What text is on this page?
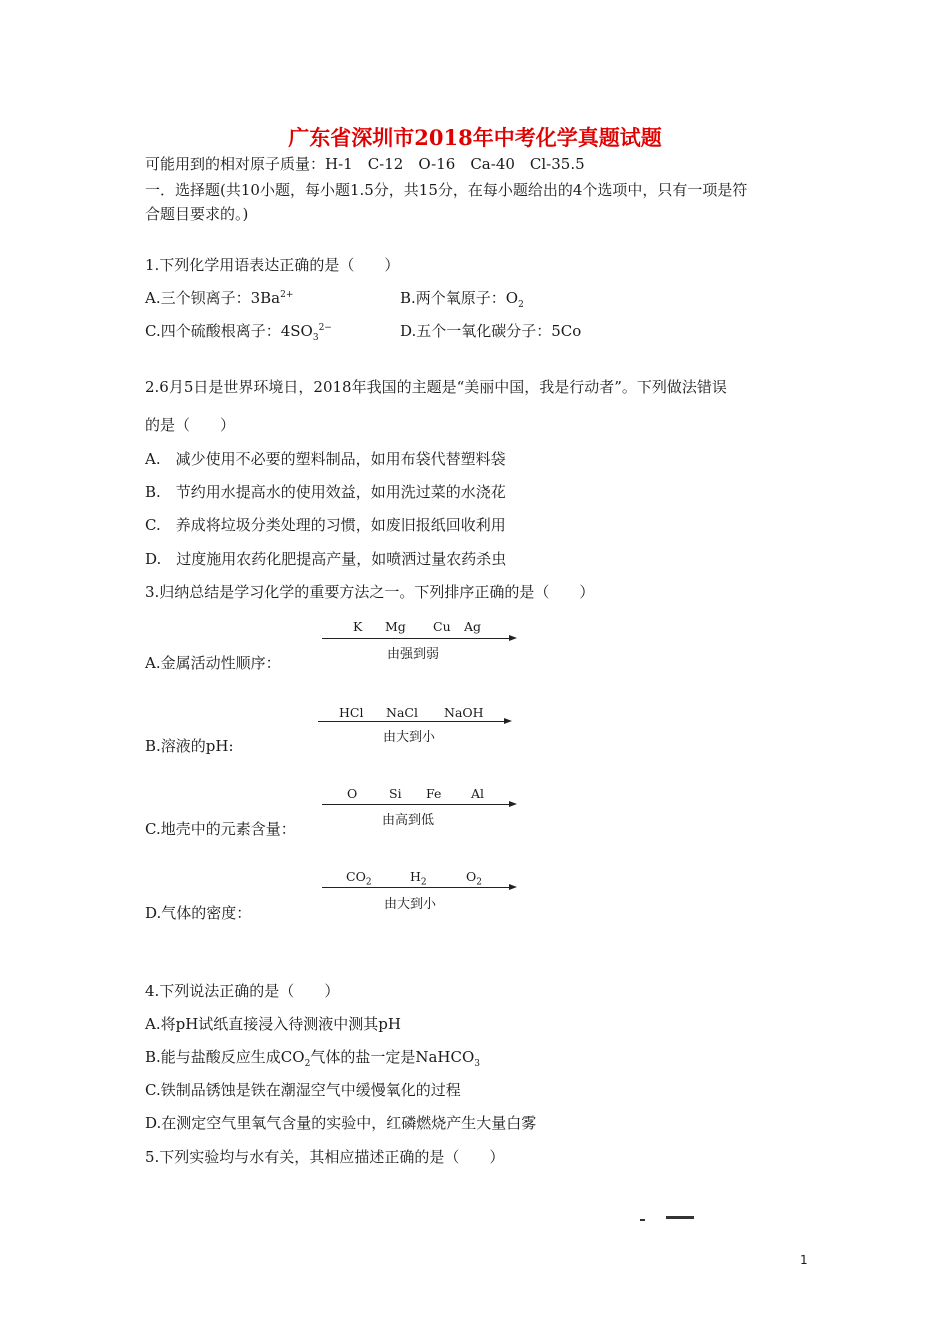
广东省深圳市2018年中考化学真题试题
可能用到的相对原子质量：H-1　C-12　O-16　Ca-40　Cl-35.5
一．选择题(共10小题，每小题1.5分，共15分，在每小题给出的4个选项中，只有一项是符
合题目要求的。)
1.下列化学用语表达正确的是（　　）
A.三个钡离子：$3Ba^{2+}$	B.两个氧原子：$O_2$
C.四个硫酸根离子：$4SO_3^{2-}$	D.五个一氧化碳分子：5Co
2.6月5日是世界环境日，2018年我国的主题是“美丽中国，我是行动者”。下列做法错误
的是（　　）
A.　减少使用不必要的塑料制品，如用布袋代替塑料袋
B.　节约用水提高水的使用效益，如用洗过菜的水浇花
C.　养成将垃圾分类处理的习惯，如废旧报纸回收利用
D.　过度施用农药化肥提高产量，如喷洒过量农药杀虫
3.归纳总结是学习化学的重要方法之一。下列排序正确的是（　　）
A.金属活动性顺序：
K Mg Cu Ag
由强到弱
B.溶液的pH:
HCl NaCl NaOH
由大到小
C.地壳中的元素含量：
O	Si Fe Al
由高到低
D.气体的密度：
$CO_2$	$H_2$	$O_2$
由大到小
4.下列说法正确的是（　　）
A.将pH试纸直接浸入待测液中测其pH
B.能与盐酸反应生成$CO_2$气体的盐一定是NaHCO$_3$
C.铁制品锈蚀是铁在潮湿空气中缓慢氧化的过程
D.在测定空气里氧气含量的实验中，红磷燃烧产生大量白雾
5.下列实验均与水有关，其相应描述正确的是（　　）
1
